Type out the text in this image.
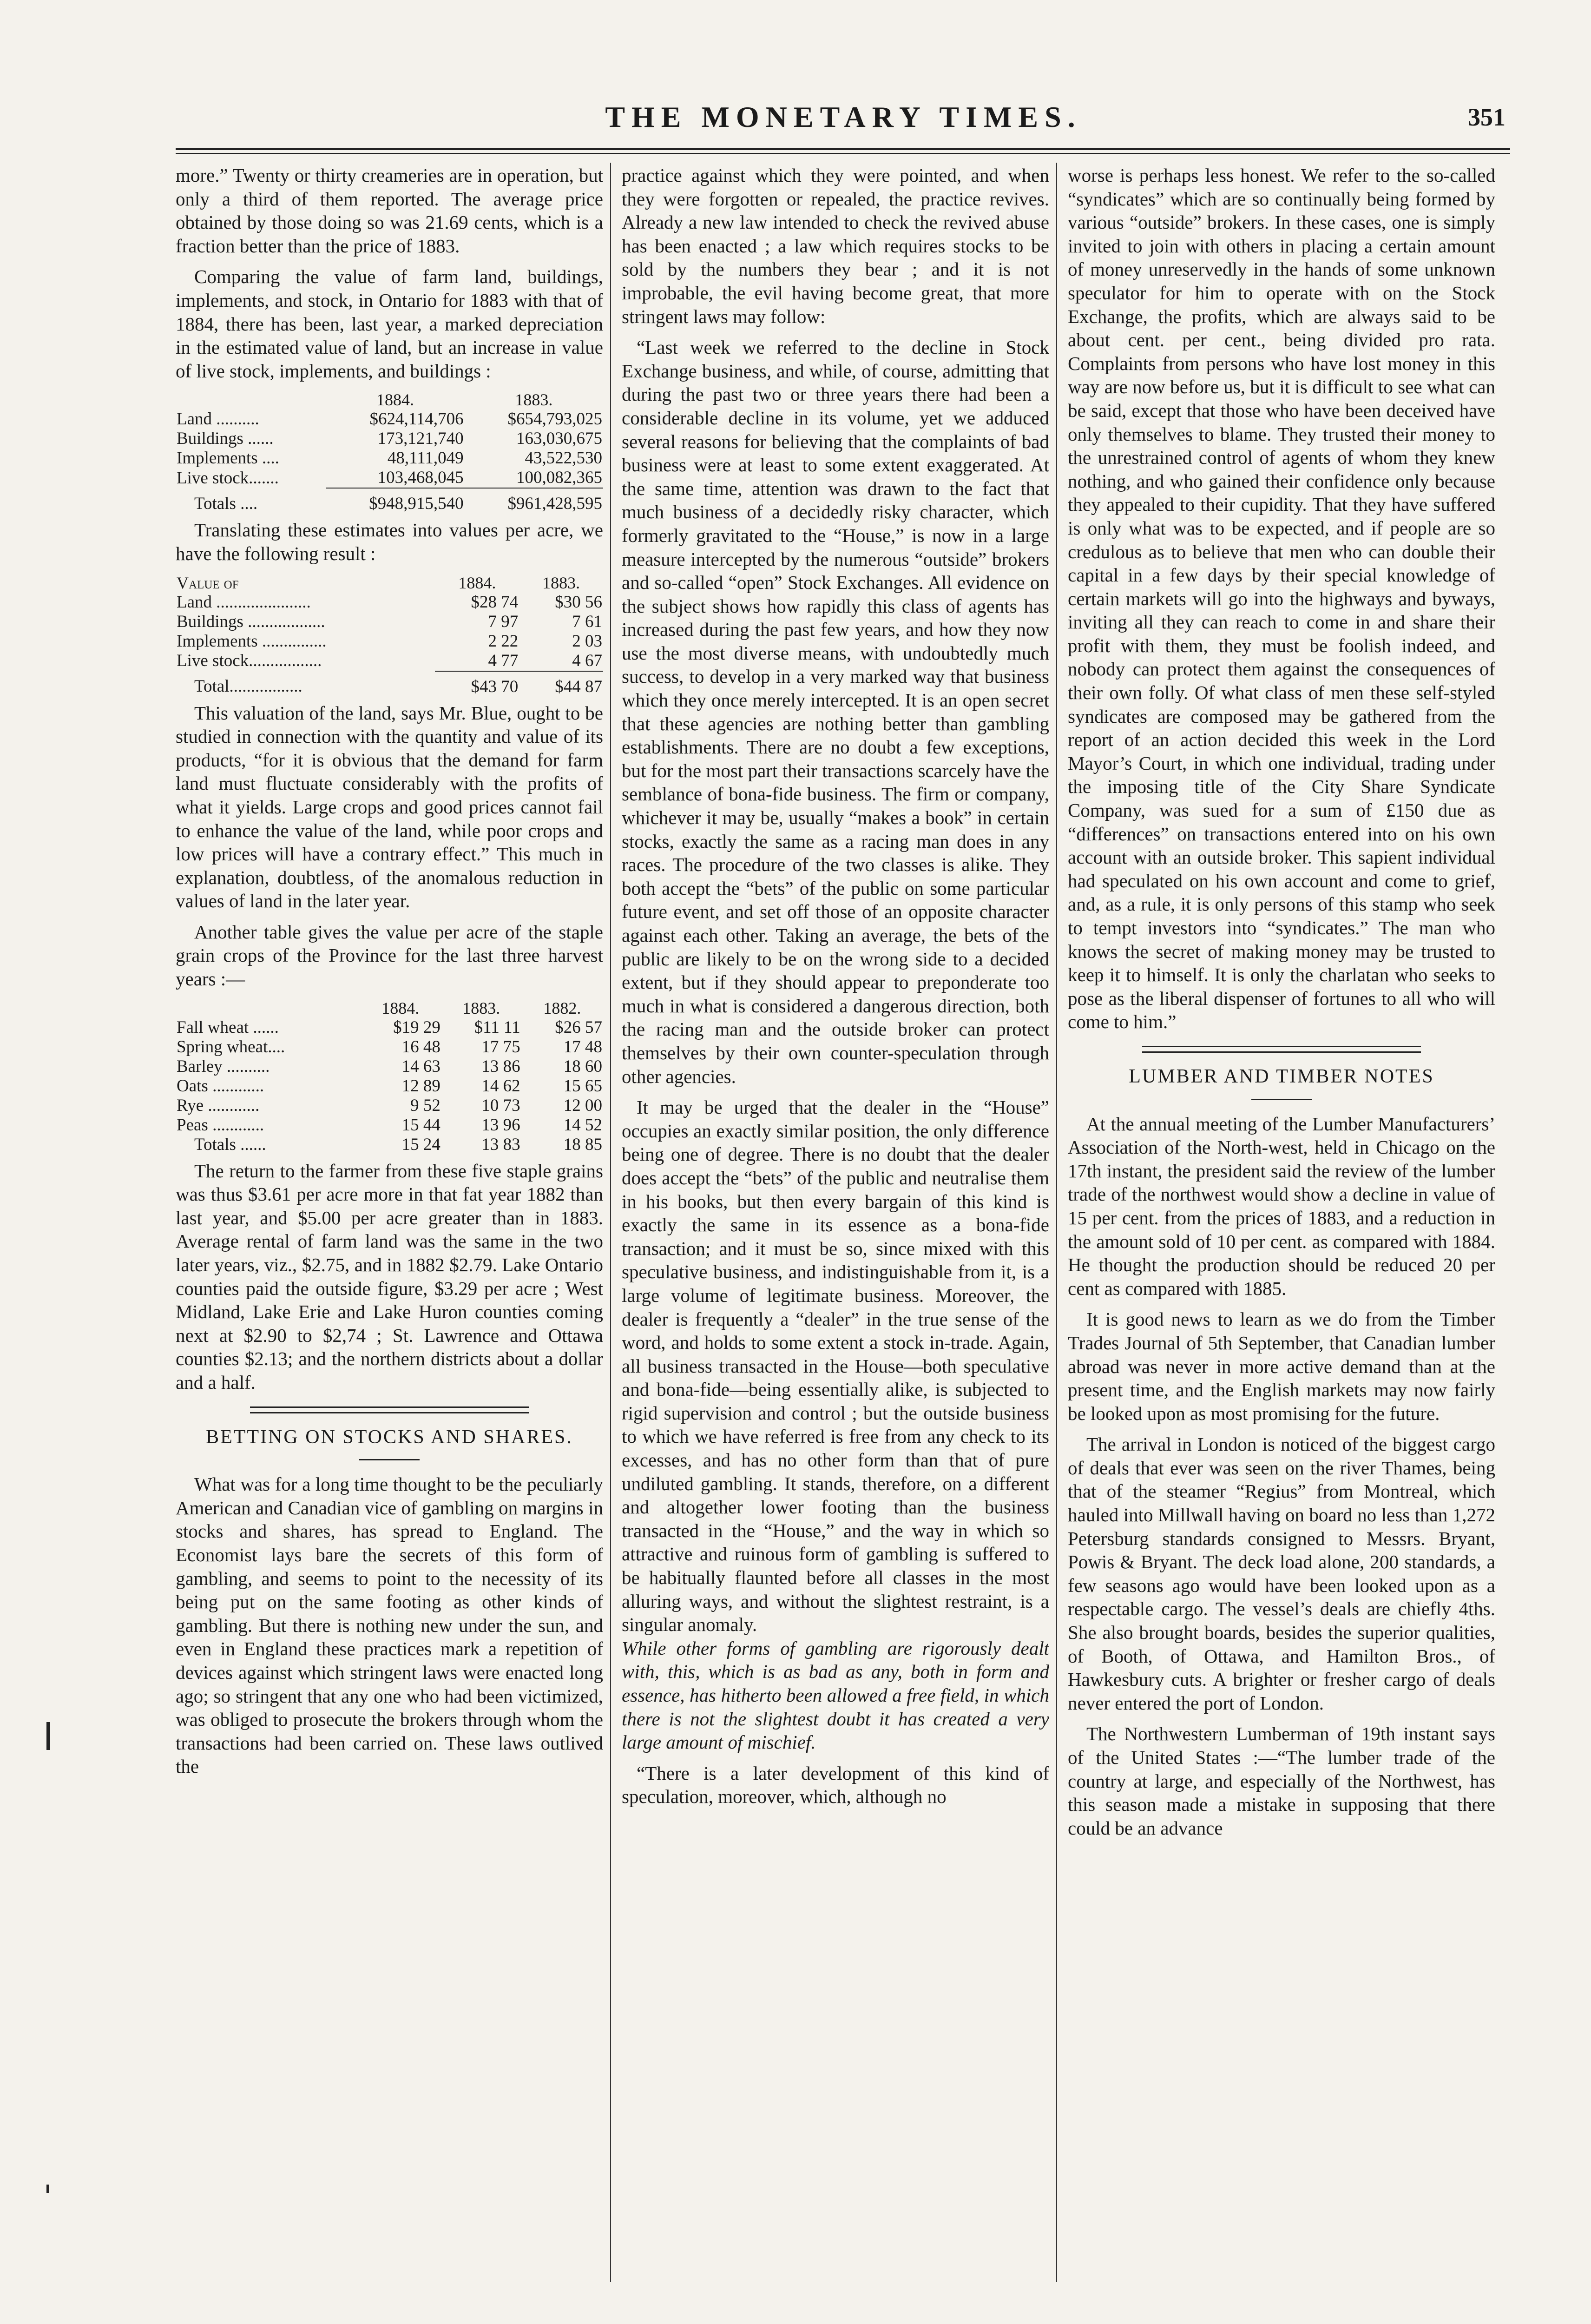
THE MONETARY TIMES.	351

more.” Twenty or thirty creameries are in operation, but only a third of them reported. The average price obtained by those doing so was 21.69 cents, which is a fraction better than the price of 1883.

Comparing the value of farm land, buildings, implements, and stock, in Ontario for 1883 with that of 1884, there has been, last year, a marked depreciation in the estimated value of land, but an increase in value of live stock, implements, and buildings :

	1884.	1883.
Land ..........	$624,114,706	$654,793,025
Buildings ......	173,121,740	163,030,675
Implements ....	48,111,049	43,522,530
Live stock.......	103,468,045	100,082,365
Totals ....	$948,915,540	$961,428,595

Translating these estimates into values per acre, we have the following result :

Value of	1884.	1883.
Land ......................	$28 74	$30 56
Buildings ..................	7 97	7 61
Implements ...............	2 22	2 03
Live stock.................	4 77	4 67
Total.................	$43 70	$44 87

This valuation of the land, says Mr. Blue, ought to be studied in connection with the quantity and value of its products, “for it is obvious that the demand for farm land must fluctuate considerably with the profits of what it yields. Large crops and good prices cannot fail to enhance the value of the land, while poor crops and low prices will have a contrary effect.” This much in explanation, doubtless, of the anomalous reduction in values of land in the later year.

Another table gives the value per acre of the staple grain crops of the Province for the last three harvest years :—

	1884.	1883.	1882.
Fall wheat ......	$19 29	$11 11	$26 57
Spring wheat....	16 48	17 75	17 48
Barley ..........	14 63	13 86	18 60
Oats ............	12 89	14 62	15 65
Rye ............	9 52	10 73	12 00
Peas ............	15 44	13 96	14 52
Totals ......	15 24	13 83	18 85

The return to the farmer from these five staple grains was thus $3.61 per acre more in that fat year 1882 than last year, and $5.00 per acre greater than in 1883. Average rental of farm land was the same in the two later years, viz., $2.75, and in 1882 $2.79. Lake Ontario counties paid the outside figure, $3.29 per acre ; West Midland, Lake Erie and Lake Huron counties coming next at $2.90 to $2,74 ; St. Lawrence and Ottawa counties $2.13; and the northern districts about a dollar and a half.

BETTING ON STOCKS AND SHARES.

What was for a long time thought to be the peculiarly American and Canadian vice of gambling on margins in stocks and shares, has spread to England. The Economist lays bare the secrets of this form of gambling, and seems to point to the necessity of its being put on the same footing as other kinds of gambling. But there is nothing new under the sun, and even in England these practices mark a repetition of devices against which stringent laws were enacted long ago; so stringent that any one who had been victimized, was obliged to prosecute the brokers through whom the transactions had been carried on. These laws outlived the

practice against which they were pointed, and when they were forgotten or repealed, the practice revives. Already a new law intended to check the revived abuse has been enacted ; a law which requires stocks to be sold by the numbers they bear ; and it is not improbable, the evil having become great, that more stringent laws may follow:

“Last week we referred to the decline in Stock Exchange business, and while, of course, admitting that during the past two or three years there had been a considerable decline in its volume, yet we adduced several reasons for believing that the complaints of bad business were at least to some extent exaggerated. At the same time, attention was drawn to the fact that much business of a decidedly risky character, which formerly gravitated to the “House,” is now in a large measure intercepted by the numerous “outside” brokers and so-called “open” Stock Exchanges. All evidence on the subject shows how rapidly this class of agents has increased during the past few years, and how they now use the most diverse means, with undoubtedly much success, to develop in a very marked way that business which they once merely intercepted. It is an open secret that these agencies are nothing better than gambling establishments. There are no doubt a few exceptions, but for the most part their transactions scarcely have the semblance of bona-fide business. The firm or company, whichever it may be, usually “makes a book” in certain stocks, exactly the same as a racing man does in any races. The procedure of the two classes is alike. They both accept the “bets” of the public on some particular future event, and set off those of an opposite character against each other. Taking an average, the bets of the public are likely to be on the wrong side to a decided extent, but if they should appear to preponderate too much in what is considered a dangerous direction, both the racing man and the outside broker can protect themselves by their own counter-speculation through other agencies.

It may be urged that the dealer in the “House” occupies an exactly similar position, the only difference being one of degree. There is no doubt that the dealer does accept the “bets” of the public and neutralise them in his books, but then every bargain of this kind is exactly the same in its essence as a bona-fide transaction; and it must be so, since mixed with this speculative business, and indistinguishable from it, is a large volume of legitimate business. Moreover, the dealer is frequently a “dealer” in the true sense of the word, and holds to some extent a stock in-trade. Again, all business transacted in the House—both speculative and bona-fide—being essentially alike, is subjected to rigid supervision and control ; but the outside business to which we have referred is free from any check to its excesses, and has no other form than that of pure undiluted gambling. It stands, therefore, on a different and altogether lower footing than the business transacted in the “House,” and the way in which so attractive and ruinous form of gambling is suffered to be habitually flaunted before all classes in the most alluring ways, and without the slightest restraint, is a singular anomaly.

While other forms of gambling are rigorously dealt with, this, which is as bad as any, both in form and essence, has hitherto been allowed a free field, in which there is not the slightest doubt it has created a very large amount of mischief.

“There is a later development of this kind of speculation, moreover, which, although no

worse is perhaps less honest. We refer to the so-called “syndicates” which are so continually being formed by various “outside” brokers. In these cases, one is simply invited to join with others in placing a certain amount of money unreservedly in the hands of some unknown speculator for him to operate with on the Stock Exchange, the profits, which are always said to be about cent. per cent., being divided pro rata. Complaints from persons who have lost money in this way are now before us, but it is difficult to see what can be said, except that those who have been deceived have only themselves to blame. They trusted their money to the unrestrained control of agents of whom they knew nothing, and who gained their confidence only because they appealed to their cupidity. That they have suffered is only what was to be expected, and if people are so credulous as to believe that men who can double their capital in a few days by their special knowledge of certain markets will go into the highways and byways, inviting all they can reach to come in and share their profit with them, they must be foolish indeed, and nobody can protect them against the consequences of their own folly. Of what class of men these self-styled syndicates are composed may be gathered from the report of an action decided this week in the Lord Mayor’s Court, in which one individual, trading under the imposing title of the City Share Syndicate Company, was sued for a sum of £150 due as “differences” on transactions entered into on his own account with an outside broker. This sapient individual had speculated on his own account and come to grief, and, as a rule, it is only persons of this stamp who seek to tempt investors into “syndicates.” The man who knows the secret of making money may be trusted to keep it to himself. It is only the charlatan who seeks to pose as the liberal dispenser of fortunes to all who will come to him.”

LUMBER AND TIMBER NOTES

At the annual meeting of the Lumber Manufacturers’ Association of the North-west, held in Chicago on the 17th instant, the president said the review of the lumber trade of the northwest would show a decline in value of 15 per cent. from the prices of 1883, and a reduction in the amount sold of 10 per cent. as compared with 1884. He thought the production should be reduced 20 per cent as compared with 1885.

It is good news to learn as we do from the Timber Trades Journal of 5th September, that Canadian lumber abroad was never in more active demand than at the present time, and the English markets may now fairly be looked upon as most promising for the future.

The arrival in London is noticed of the biggest cargo of deals that ever was seen on the river Thames, being that of the steamer “Regius” from Montreal, which hauled into Millwall having on board no less than 1,272 Petersburg standards consigned to Messrs. Bryant, Powis & Bryant. The deck load alone, 200 standards, a few seasons ago would have been looked upon as a respectable cargo. The vessel’s deals are chiefly 4ths. She also brought boards, besides the superior qualities, of Booth, of Ottawa, and Hamilton Bros., of Hawkesbury cuts. A brighter or fresher cargo of deals never entered the port of London.

The Northwestern Lumberman of 19th instant says of the United States :—“The lumber trade of the country at large, and especially of the Northwest, has this season made a mistake in supposing that there could be an advance
